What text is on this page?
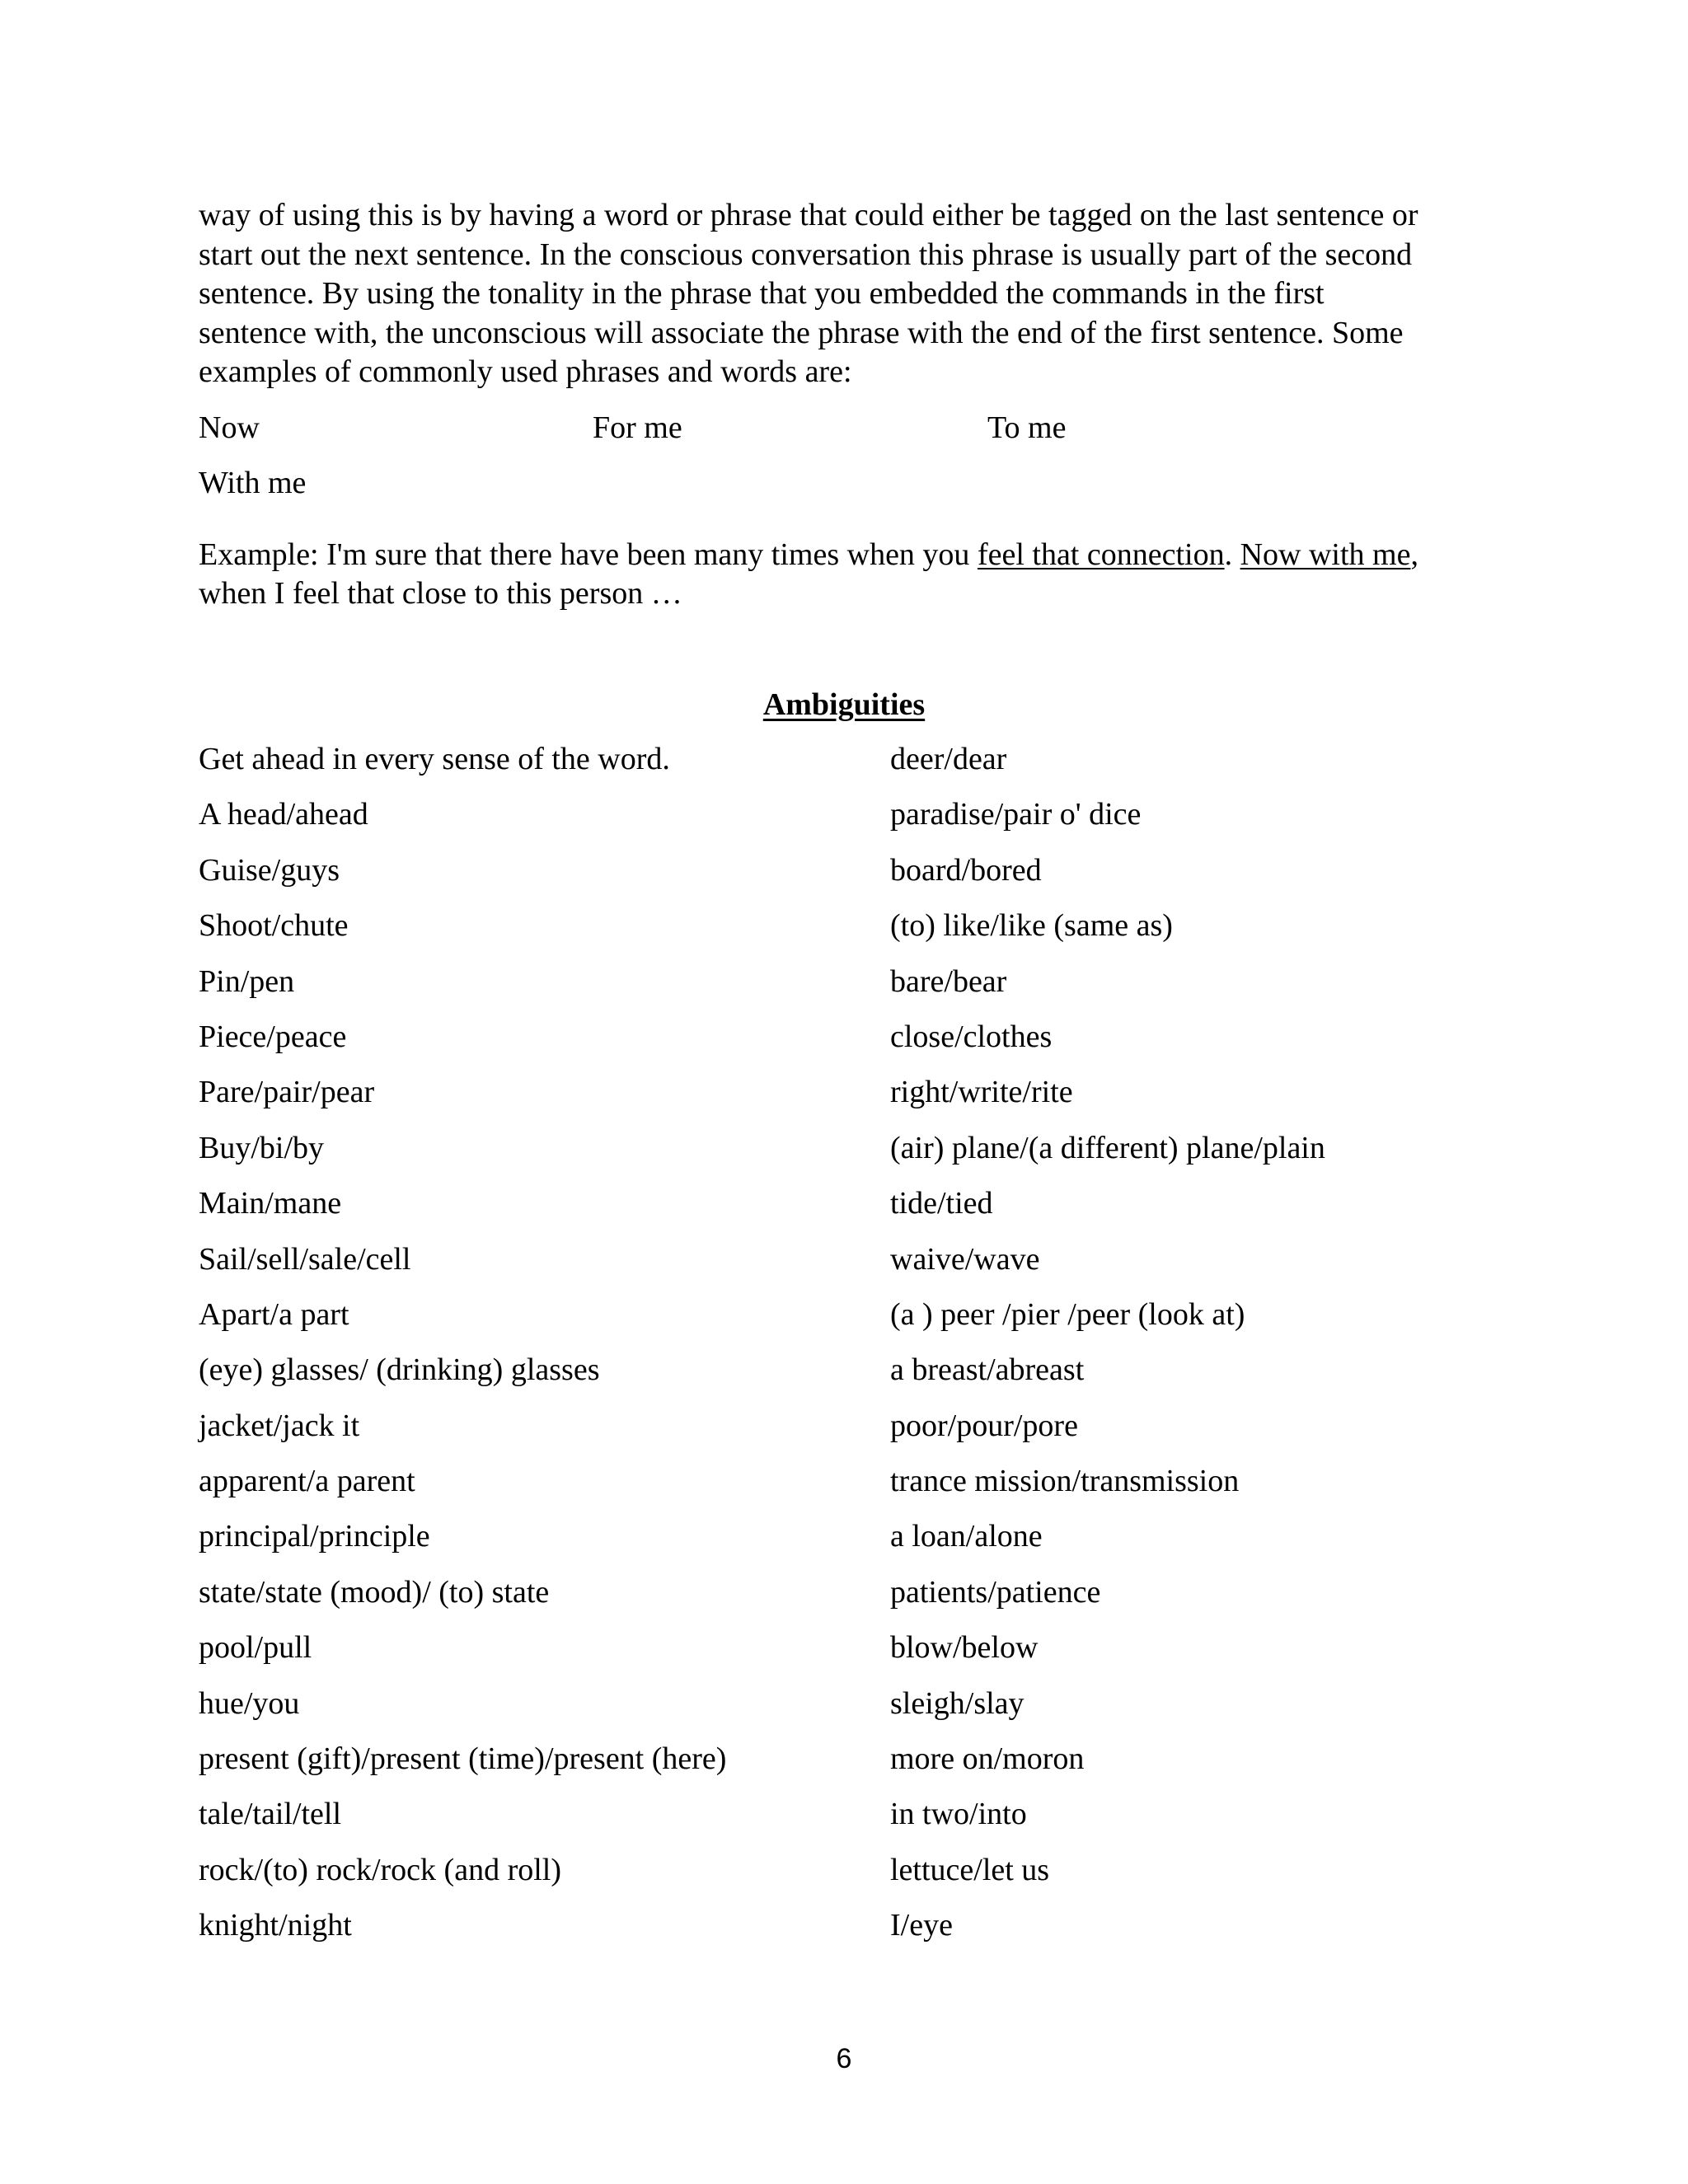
way of using this is by having a word or phrase that could either be tagged on the last sentence or
start out the next sentence. In the conscious conversation this phrase is usually part of the second
sentence. By using the tonality in the phrase that you embedded the commands in the first
sentence with, the unconscious will associate the phrase with the end of the first sentence. Some
examples of commonly used phrases and words are:

Now	For me	To me
With me

Example: I'm sure that there have been many times when you feel that connection. Now with me,
when I feel that close to this person …

Ambiguities
Get ahead in every sense of the word.	deer/dear
A head/ahead	paradise/pair o' dice
Guise/guys	board/bored
Shoot/chute	(to) like/like (same as)
Pin/pen	bare/bear
Piece/peace	close/clothes
Pare/pair/pear	right/write/rite
Buy/bi/by	(air) plane/(a different) plane/plain
Main/mane	tide/tied
Sail/sell/sale/cell	waive/wave
Apart/a part	(a ) peer /pier /peer (look at)
(eye) glasses/ (drinking) glasses	a breast/abreast
jacket/jack it	poor/pour/pore
apparent/a parent	trance mission/transmission
principal/principle	a loan/alone
state/state (mood)/ (to) state	patients/patience
pool/pull	blow/below
hue/you	sleigh/slay
present (gift)/present (time)/present (here)	more on/moron
tale/tail/tell	in two/into
rock/(to) rock/rock (and roll)	lettuce/let us
knight/night	I/eye
6
